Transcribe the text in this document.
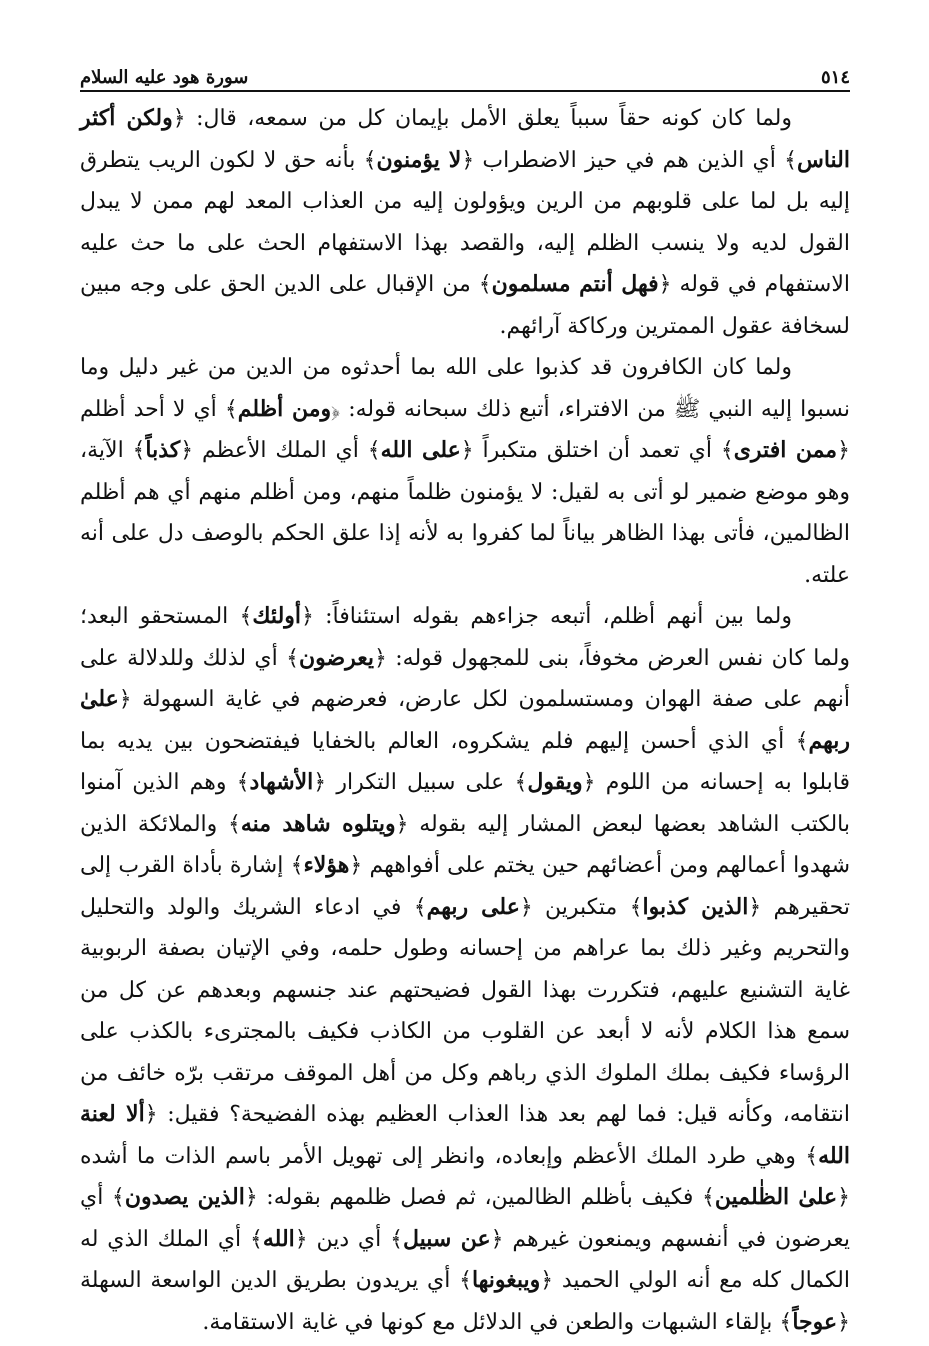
٥١٤
سورة هود عليه السلام

ولما كان كونه حقاً سبباً يعلق الأمل بإيمان كل من سمعه، قال: ﴿ ولكن أكثر الناس ﴾ أي الذين هم في حيز الاضطراب ﴿ لا يؤمنون ﴾ بأنه حق لا لكون الريب يتطرق إليه بل لما على قلوبهم من الرين ويؤولون إليه من العذاب المعد لهم ممن لا يبدل القول لديه ولا ينسب الظلم إليه، والقصد بهذا الاستفهام الحث على ما حث عليه الاستفهام في قوله ﴿ فهل أنتم مسلمون ﴾ من الإقبال على الدين الحق على وجه مبين لسخافة عقول الممترين وركاكة آرائهم.

ولما كان الكافرون قد كذبوا على الله بما أحدثوه من الدين من غير دليل وما نسبوا إليه النبي ﷺ من الافتراء، أتبع ذلك سبحانه قوله: ﴿ ومن أظلم ﴾ أي لا أحد أظلم ﴿ ممن افترى ﴾ أي تعمد أن اختلق متكبراً ﴿ على الله ﴾ أي الملك الأعظم ﴿ كذباً ﴾ الآية، وهو موضع ضمير لو أتى به لقيل: لا يؤمنون ظلماً منهم، ومن أظلم منهم أي هم أظلم الظالمين، فأتى بهذا الظاهر بياناً لما كفروا به لأنه إذا علق الحكم بالوصف دل على أنه علته.

ولما بين أنهم أظلم، أتبعه جزاءهم بقوله استئنافاً: ﴿ أولئك ﴾ المستحقو البعد؛ ولما كان نفس العرض مخوفاً، بنى للمجهول قوله: ﴿ يعرضون ﴾ أي لذلك وللدلالة على أنهم على صفة الهوان ومستسلمون لكل عارض، فعرضهم في غاية السهولة ﴿ علىٰ ربهم ﴾ أي الذي أحسن إليهم فلم يشكروه، العالم بالخفايا فيفتضحون بين يديه بما قابلوا به إحسانه من اللوم ﴿ ويقول ﴾ على سبيل التكرار ﴿ الأشهاد ﴾ وهم الذين آمنوا بالكتب الشاهد بعضها لبعض المشار إليه بقوله ﴿ ويتلوه شاهد منه ﴾ والملائكة الذين شهدوا أعمالهم ومن أعضائهم حين يختم على أفواههم ﴿ هؤلاء ﴾ إشارة بأداة القرب إلى تحقيرهم ﴿ الذين كذبوا ﴾ متكبرين ﴿ على ربهم ﴾ في ادعاء الشريك والولد والتحليل والتحريم وغير ذلك بما عراهم من إحسانه وطول حلمه، وفي الإتيان بصفة الربوبية غاية التشنيع عليهم، فتكررت بهذا القول فضيحتهم عند جنسهم وبعدهم عن كل من سمع هذا الكلام لأنه لا أبعد عن القلوب من الكاذب فكيف بالمجترىء بالكذب على الرؤساء فكيف بملك الملوك الذي رباهم وكل من أهل الموقف مرتقب برّه خائف من انتقامه، وكأنه قيل: فما لهم بعد هذا العذاب العظيم بهذه الفضيحة؟ فقيل: ﴿ ألا لعنة الله ﴾ وهي طرد الملك الأعظم وإبعاده، وانظر إلى تهويل الأمر باسم الذات ما أشده ﴿ علىٰ الظٰلمين ﴾ فكيف بأظلم الظالمين، ثم فصل ظلمهم بقوله: ﴿ الذين يصدون ﴾ أي يعرضون في أنفسهم ويمنعون غيرهم ﴿ عن سبيل ﴾ أي دين ﴿ الله ﴾ أي الملك الذي له الكمال كله مع أنه الولي الحميد ﴿ ويبغونها ﴾ أي يريدون بطريق الدين الواسعة السهلة ﴿ عوجاً ﴾ بإلقاء الشبهات والطعن في الدلائل مع كونها في غاية الاستقامة.
